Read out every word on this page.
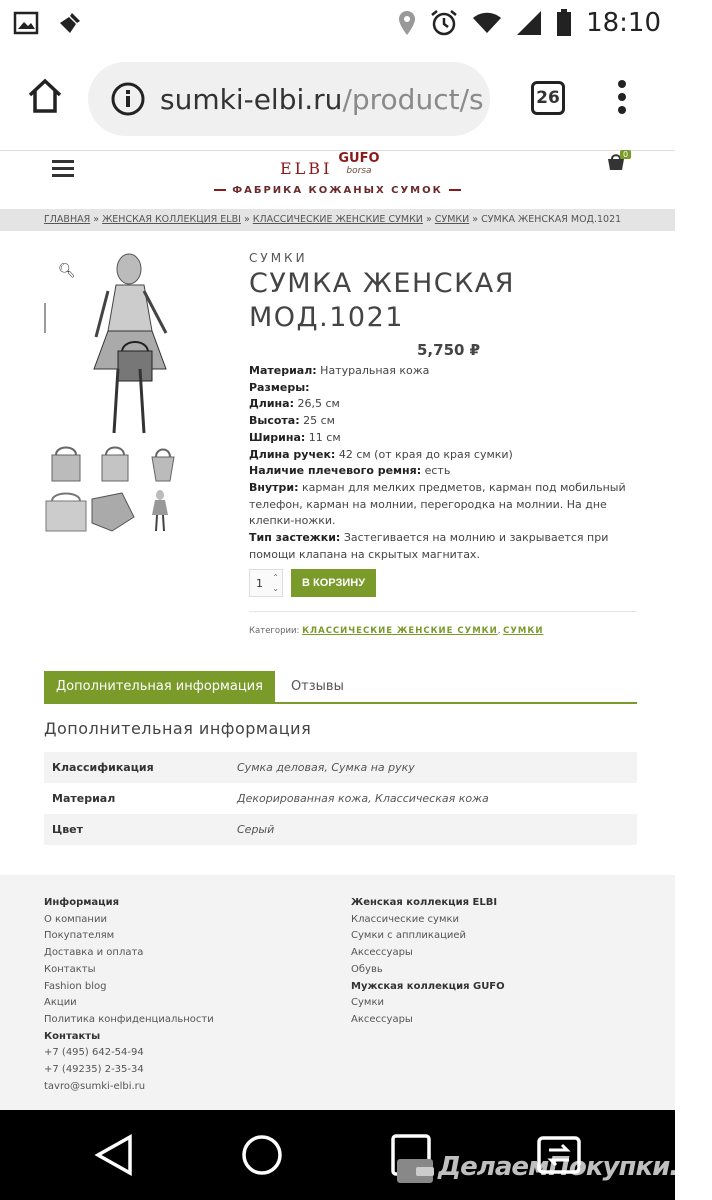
18:10
sumki-elbi.ru /product/s	26
ELBI
GUFO
borsa
ФАБРИКА КОЖАНЫХ СУМОК
0
ГЛАВНАЯ » ЖЕНСКАЯ КОЛЛЕКЦИЯ ELBI » КЛАССИЧЕСКИЕ ЖЕНСКИЕ СУМКИ » СУМКИ » СУМКА ЖЕНСКАЯ МОД.1021
🔍︎
СУМКИ
СУМКА ЖЕНСКАЯ
МОД.1021
5,750 ₽
Материал: Натуральная кожа
Размеры:
Длина: 26,5 см
Высота: 25 см
Ширина: 11 см
Длина ручек: 42 см (от края до края сумки)
Наличие плечевого ремня: есть
Внутри: карман для мелких предметов, карман под мобильный телефон, карман на молнии, перегородка на молнии. На дне клепки-ножки.
Тип застежки: Застегивается на молнию и закрывается при помощи клапана на скрытых магнитах.
1 ⌃
⌄	В КОРЗИНУ
Категории: КЛАССИЧЕСКИЕ ЖЕНСКИЕ СУМКИ, СУМКИ
Дополнительная информация	Отзывы
Дополнительная информация
Классификация	Сумка деловая, Сумка на руку
Материал	Декорированная кожа, Классическая кожа
Цвет	Серый
Информация
О компании
Покупателям
Доставка и оплата
Контакты
Fashion blog
Акции
Политика конфиденциальности
Контакты
+7 (495) 642-54-94
+7 (49235) 2-35-34
tavro@sumki-elbi.ru
Женская коллекция ELBI
Классические сумки
Сумки с аппликацией
Аксессуары
Обувь
Мужская коллекция GUFO
Сумки
Аксессуары
ДелаемПокупки.Ру
